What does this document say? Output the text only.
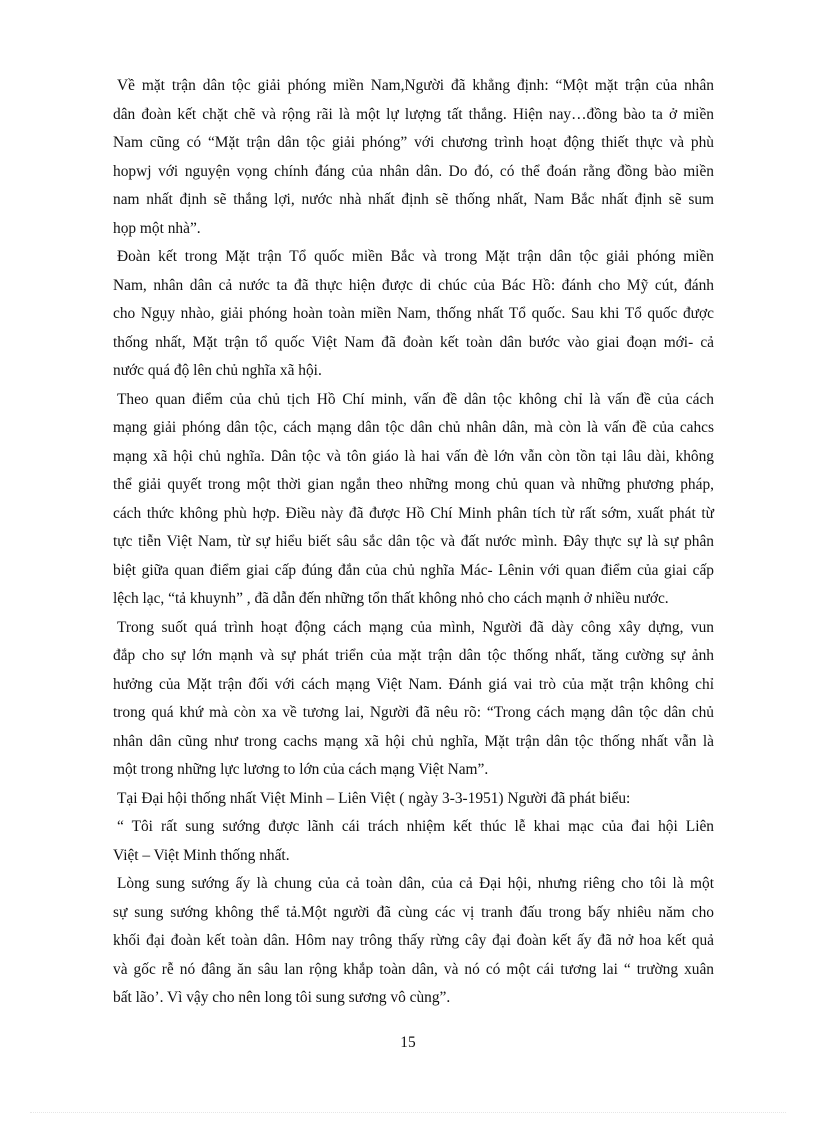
Về mặt trận dân tộc giải phóng miền Nam,Người đã khẳng định: “Một mặt trận của nhân
dân đoàn kết chặt chẽ và rộng rãi là một lự lượng tất thắng. Hiện nay…đồng bào ta ở miền
Nam cũng có “Mặt trận dân tộc giải phóng” với chương trình hoạt động thiết thực và phù
hopwj với nguyện vọng chính đáng của nhân dân. Do đó, có thể đoán rằng đồng bào miền
nam nhất định sẽ thắng lợi, nước nhà nhất định sẽ thống nhất, Nam Bắc nhất định sẽ sum
họp một nhà”.

Đoàn kết trong Mặt trận Tổ quốc miền Bắc và trong Mặt trận dân tộc giải phóng miền
Nam, nhân dân cả nước ta đã thực hiện được di chúc của Bác Hồ: đánh cho Mỹ cút, đánh
cho Ngụy nhào, giải phóng hoàn toàn miền Nam, thống nhất Tổ quốc. Sau khi Tổ quốc được
thống nhất, Mặt trận tổ quốc Việt Nam đã đoàn kết toàn dân bước vào giai đoạn mới- cả
nước quá độ lên chủ nghĩa xã hội.

Theo quan điểm của chủ tịch Hồ Chí minh, vấn đề dân tộc không chỉ là vấn đề của cách
mạng giải phóng dân tộc, cách mạng dân tộc dân chủ nhân dân, mà còn là vấn đề của cahcs
mạng xã hội chủ nghĩa. Dân tộc và tôn giáo là hai vấn đè lớn vẫn còn tồn tại lâu dài, không
thể giải quyết trong một thời gian ngắn theo những mong chủ quan và những phương pháp,
cách thức không phù hợp. Điều này đã được Hồ Chí Minh phân tích từ rất sớm, xuất phát từ
tực tiễn Việt Nam, từ sự hiểu biết sâu sắc dân tộc và đất nước mình. Đây thực sự là sự phân
biệt giữa quan điểm giai cấp đúng đắn của chủ nghĩa Mác- Lênin với quan điểm của giai cấp
lệch lạc, “tả khuynh” , đã dẫn đến những tổn thất không nhỏ cho cách mạnh ở nhiều nước.

Trong suốt quá trình hoạt động cách mạng của mình, Người đã dày công xây dựng, vun
đắp cho sự lớn mạnh và sự phát triển của mặt trận dân tộc thống nhất, tăng cường sự ảnh
hưởng của Mặt trận đối với cách mạng Việt Nam. Đánh giá vai trò của mặt trận không chỉ
trong quá khứ mà còn xa về tương lai, Người đã nêu rõ: “Trong cách mạng dân tộc dân chủ
nhân dân cũng như trong cachs mạng xã hội chủ nghĩa, Mặt trận dân tộc thống nhất vẫn là
một trong những lực lương to lớn của cách mạng Việt Nam”.

Tại Đại hội thống nhất Việt Minh – Liên Việt ( ngày 3-3-1951) Người đã phát biểu:

“ Tôi rất sung sướng được lãnh cái trách nhiệm kết thúc lễ khai mạc của đai hội Liên
Việt – Việt Minh thống nhất.

Lòng sung sướng ấy là chung của cả toàn dân, của cả Đại hội, nhưng riêng cho tôi là một
sự sung sướng không thể tả.Một người đã cùng các vị tranh đấu trong bấy nhiêu năm cho
khối đại đoàn kết toàn dân. Hôm nay trông thấy rừng cây đại đoàn kết ấy đã nở hoa kết quả
và gốc rễ nó đâng ăn sâu lan rộng khắp toàn dân, và nó có một cái tương lai “ trường xuân
bất lão’. Vì vậy cho nên long tôi sung sương vô cùng”.

15
